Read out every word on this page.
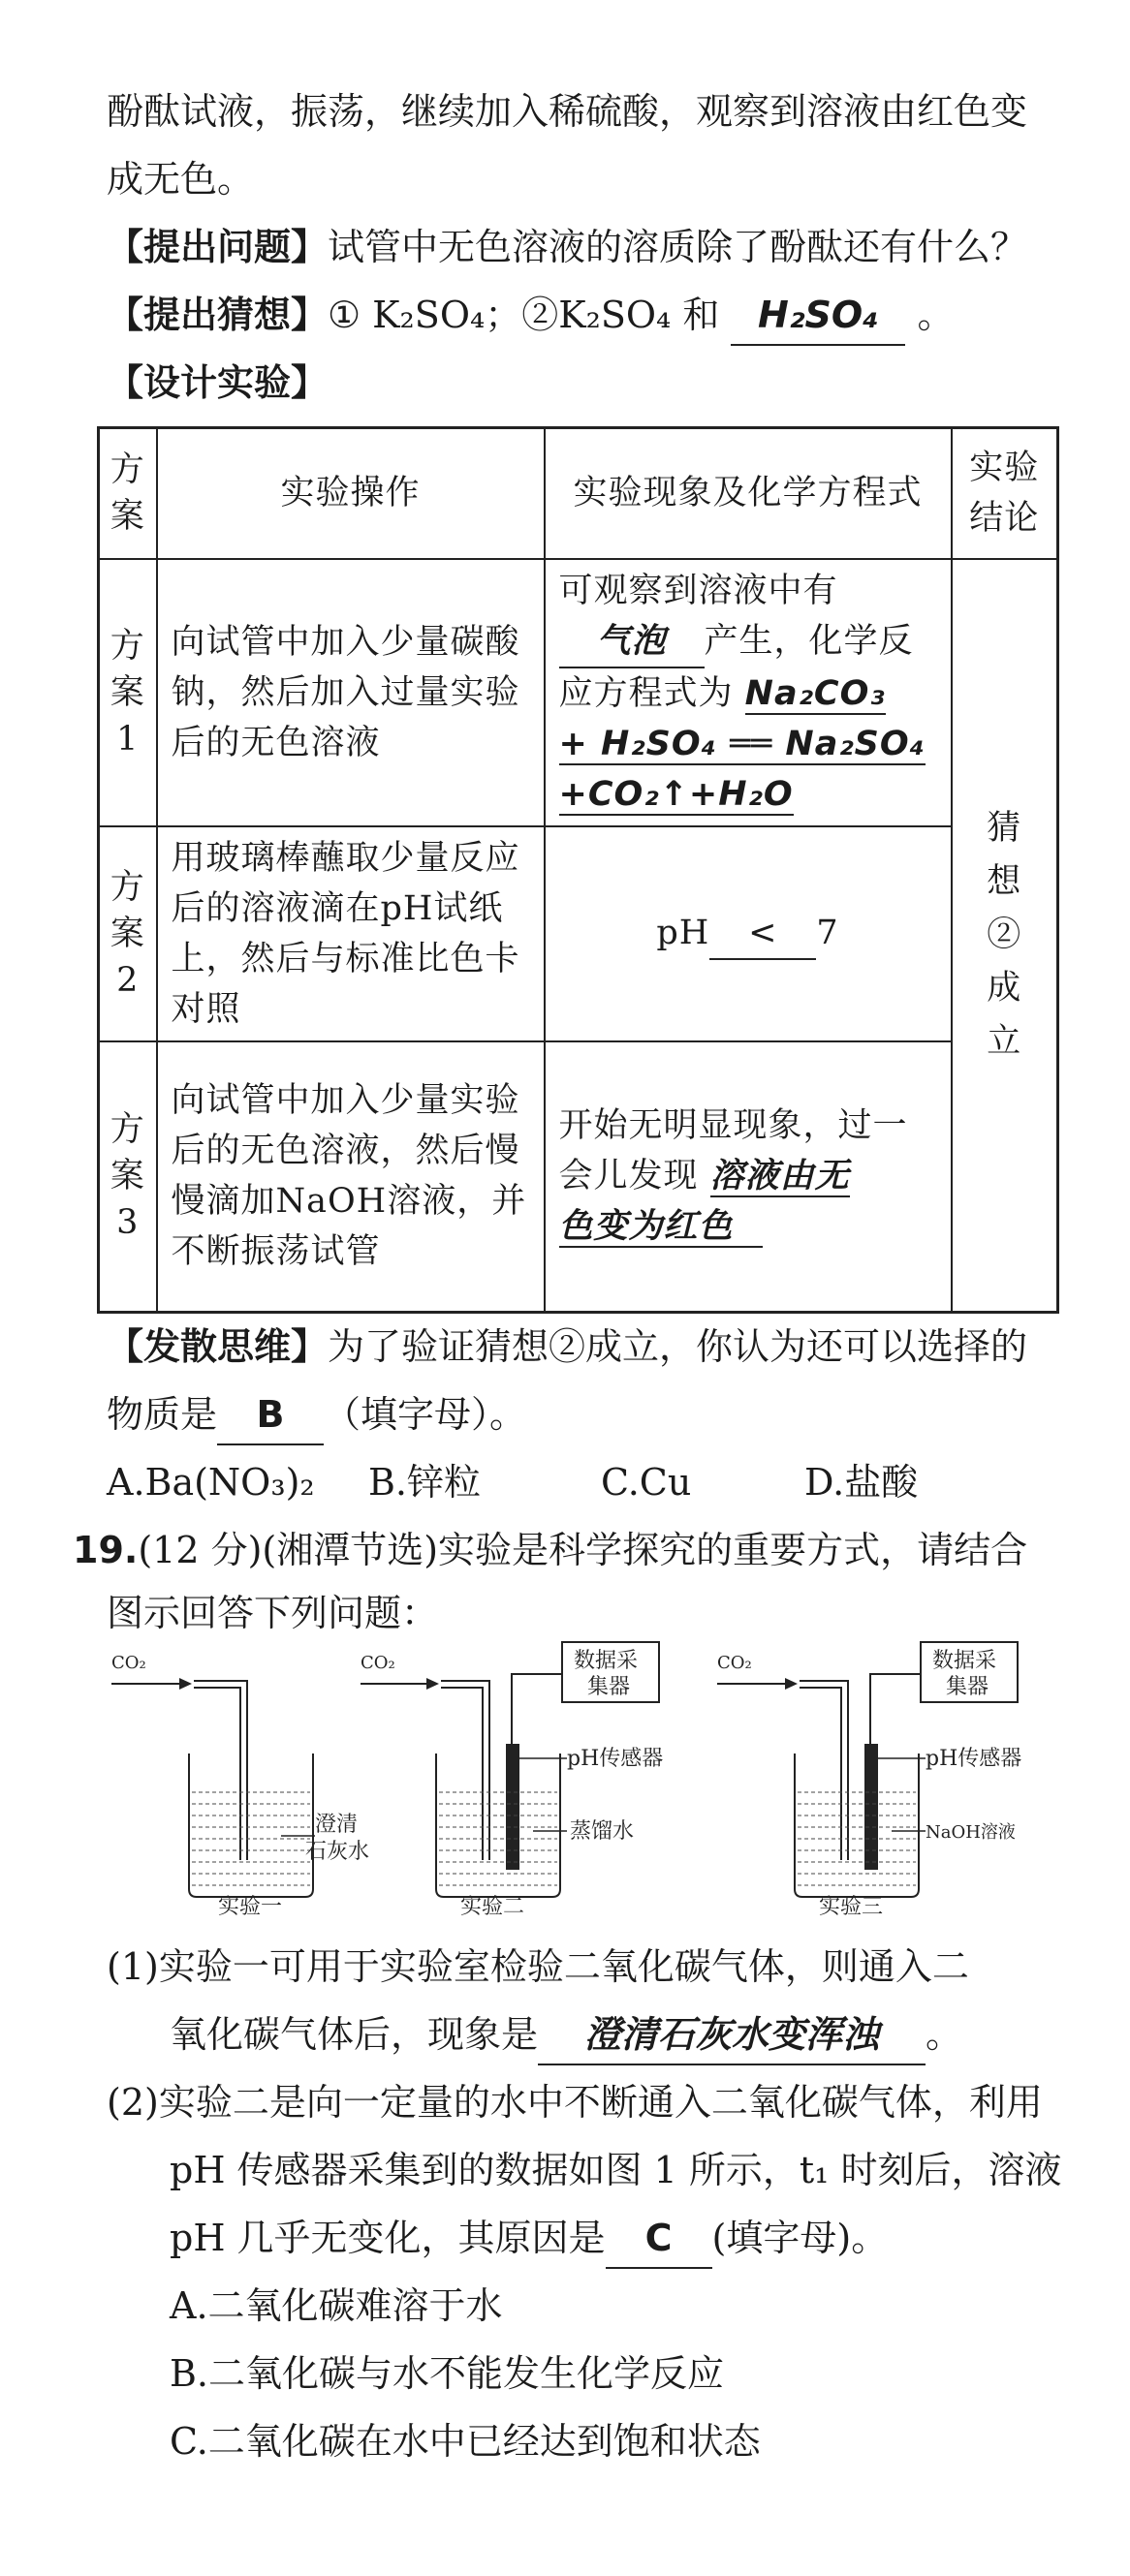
酚酞试液，振荡，继续加入稀硫酸，观察到溶液由红色变
成无色。
【提出问题】试管中无色溶液的溶质除了酚酞还有什么？
【提出猜想】① K₂SO₄；②K₂SO₄ 和 H₂SO₄ 。
【设计实验】
方案	实验操作	实验现象及化学方程式	实验结论
方案1	向试管中加入少量碳酸钠，然后加入过量实验后的无色溶液	可观察到溶液中有
气泡 产生，化学反应方程式为 Na₂CO₃
+ H₂SO₄ ══ Na₂SO₄
+CO₂↑+H₂O	猜想②成立
方案2	用玻璃棒蘸取少量反应后的溶液滴在pH试纸上，然后与标准比色卡对照	pH < 7	
方案3	向试管中加入少量实验后的无色溶液，然后慢慢滴加NaOH溶液，并不断振荡试管	开始无明显现象，过一会儿发现 溶液由无
色变为红色	
【发散思维】为了验证猜想②成立，你认为还可以选择的
物质是 B （填字母）。
A.Ba(NO₃)₂ B.锌粒	C.Cu	D.盐酸
19.(12 分)(湘潭节选)实验是科学探究的重要方式，请结合
图示回答下列问题：
CO₂
澄清
石灰水
实验一
CO₂	数据采
集器
pH传感器
蒸馏水
实验二
CO₂	数据采
集器
pH传感器
NaOH溶液
实验三
(1)实验一可用于实验室检验二氧化碳气体，则通入二
氧化碳气体后，现象是 澄清石灰水变浑浊 。
(2)实验二是向一定量的水中不断通入二氧化碳气体，利用
pH 传感器采集到的数据如图 1 所示，t₁ 时刻后，溶液
pH 几乎无变化，其原因是 C (填字母)。
A.二氧化碳难溶于水
B.二氧化碳与水不能发生化学反应
C.二氧化碳在水中已经达到饱和状态
